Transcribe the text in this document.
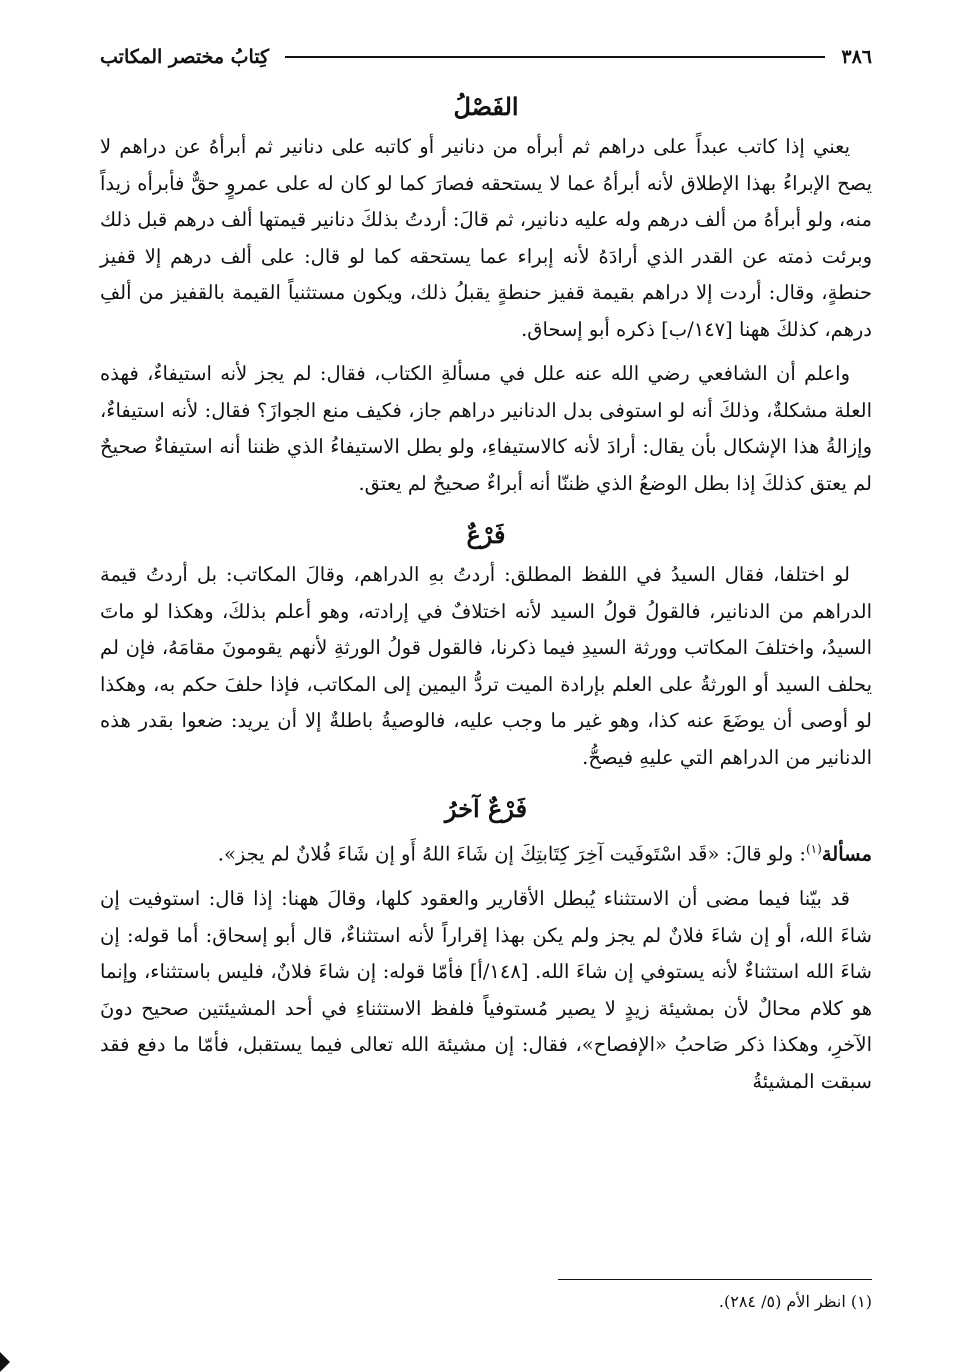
٣٨٦
كِتابُ مختصر المكاتب
الفَصْلُ

يعني إذا كاتب عبداً على دراهم ثم أبرأه من دنانير أو كاتبه على دنانير ثم أبرأهُ عن دراهم لا يصح الإبراءُ بهذا الإطلاق لأنه أبرأهُ عما لا يستحقه فصارَ كما لو كان له على عمروٍ حقٌّ فأبرأه زيداً منه، ولو أبرأهُ من ألف درهم وله عليه دنانير، ثم قالَ: أردتُ بذلكَ دنانير قيمتها ألف درهم قبل ذلك وبرئت ذمته عن القدر الذي أرادَهُ لأنه إبراء عما يستحقه كما لو قال: على ألف درهم إلا قفيز حنطةٍ، وقال: أردت إلا دراهم بقيمة قفيز حنطةٍ يقبلُ ذلك، ويكون مستثنياً القيمة بالقفيز من ألفِ درهم، كذلكَ ههنا [١٤٧/ب] ذكره أبو إسحاق.

واعلم أن الشافعي رضي الله عنه علل في مسألةِ الكتاب، فقال: لم يجز لأنه استيفاءٌ، فهذه العلة مشكلةٌ، وذلكَ أنه لو استوفى بدل الدنانير دراهم جاز، فكيف منع الجوازَ؟ فقال: لأنه استيفاءٌ، وإزالةُ هذا الإشكال بأن يقال: أرادَ لأنه كالاستيفاءِ، ولو بطل الاستيفاءُ الذي ظننا أنه استيفاءٌ صحيحٌ لم يعتق كذلكَ إذا بطل الوضعُ الذي ظننّا أنه أبراءٌ صحيحٌ لم يعتق.

فَرْعٌ

لو اختلفا، فقال السيدُ في اللفظ المطلق: أردتُ بهِ الدراهم، وقالَ المكاتب: بل أردتُ قيمة الدراهم من الدنانير، فالقولُ قولُ السيد لأنه اختلافٌ في إرادته، وهو أعلم بذلكَ، وهكذا لو ماتَ السيدُ، واختلفَ المكاتب وورثة السيدِ فيما ذكرنا، فالقول قولُ الورثةِ لأنهم يقومونَ مقامَهُ، فإن لم يحلف السيد أو الورثةُ على العلم بإرادة الميت تردُّ اليمين إلى المكاتب، فإذا حلفَ حكم به، وهكذا لو أوصى أن يوضَعَ عنه كذا، وهو غير ما وجب عليه، فالوصيةُ باطلةٌ إلا أن يريد: ضعوا بقدر هذه الدنانير من الدراهم التي عليهِ فيصحُّ.

فَرْعٌ آخرُ

مسألة$^{(١)}$: ولو قالَ: «قَد اسْتَوفَيت آخِرَ كِتَابتِكَ إن شَاءَ اللهُ أَو إن شَاءَ فُلانٌ لم يجز».

قد بيّنا فيما مضى أن الاستثناء يُبطل الأقارير والعقود كلها، وقالَ ههنا: إذا قال: استوفيت إن شاءَ الله، أو إن شاءَ فلانٌ لم يجز ولم يكن بهذا إقراراً لأنه استثناءٌ، قال أبو إسحاق: أما قوله: إن شاءَ الله استثناءٌ لأنه يستوفي إن شاءَ الله. [١٤٨/أ] فأمّا قوله: إن شاءَ فلانٌ، فليس باستثناء، وإنما هو كلام محالٌ لأن بمشيئة زيدٍ لا يصير مُستوفياً فلفظ الاستثناءِ في أحد المشيئتين صحيح دونَ الآخرِ، وهكذا ذكر صَاحبُ «الإفصاح»، فقال: إن مشيئة الله تعالى فيما يستقبل، فأمّا ما دفع فقد سبقت المشيئةُ

(١) انظر الأم (٥/ ٢٨٤).
